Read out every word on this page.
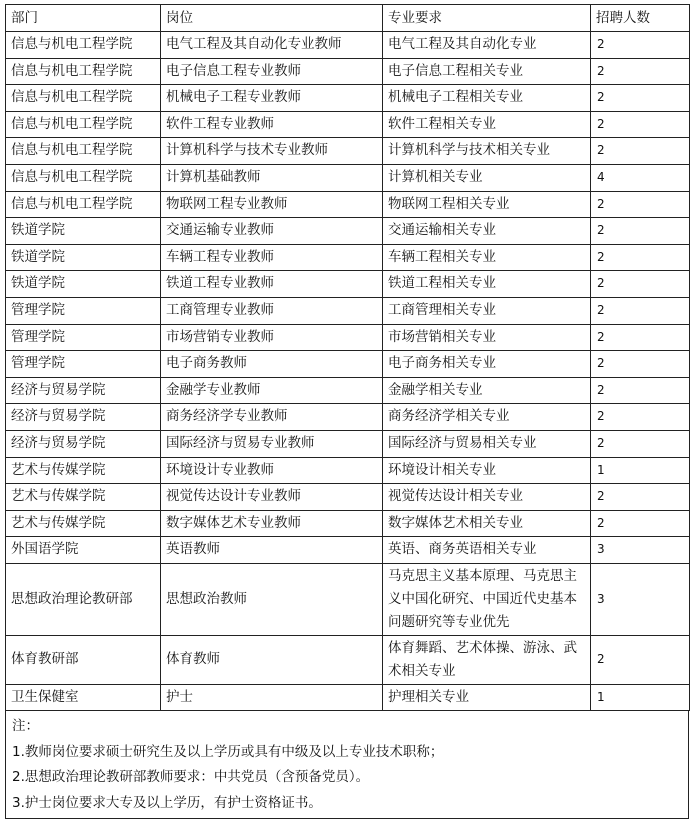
部门	岗位	专业要求	招聘人数
信息与机电工程学院	电气工程及其自动化专业教师	电气工程及其自动化专业	2
信息与机电工程学院	电子信息工程专业教师	电子信息工程相关专业	2
信息与机电工程学院	机械电子工程专业教师	机械电子工程相关专业	2
信息与机电工程学院	软件工程专业教师	软件工程相关专业	2
信息与机电工程学院	计算机科学与技术专业教师	计算机科学与技术相关专业	2
信息与机电工程学院	计算机基础教师	计算机相关专业	4
信息与机电工程学院	物联网工程专业教师	物联网工程相关专业	2
铁道学院	交通运输专业教师	交通运输相关专业	2
铁道学院	车辆工程专业教师	车辆工程相关专业	2
铁道学院	铁道工程专业教师	铁道工程相关专业	2
管理学院	工商管理专业教师	工商管理相关专业	2
管理学院	市场营销专业教师	市场营销相关专业	2
管理学院	电子商务教师	电子商务相关专业	2
经济与贸易学院	金融学专业教师	金融学相关专业	2
经济与贸易学院	商务经济学专业教师	商务经济学相关专业	2
经济与贸易学院	国际经济与贸易专业教师	国际经济与贸易相关专业	2
艺术与传媒学院	环境设计专业教师	环境设计相关专业	1
艺术与传媒学院	视觉传达设计专业教师	视觉传达设计相关专业	2
艺术与传媒学院	数字媒体艺术专业教师	数字媒体艺术相关专业	2
外国语学院	英语教师	英语、商务英语相关专业	3
思想政治理论教研部	思想政治教师	马克思主义基本原理、马克思主义中国化研究、中国近代史基本问题研究等专业优先	3
体育教研部	体育教师	体育舞蹈、艺术体操、游泳、武术相关专业	2
卫生保健室	护士	护理相关专业	1
注：
1.教师岗位要求硕士研究生及以上学历或具有中级及以上专业技术职称；
2.思想政治理论教研部教师要求：中共党员（含预备党员）。
3.护士岗位要求大专及以上学历，有护士资格证书。
